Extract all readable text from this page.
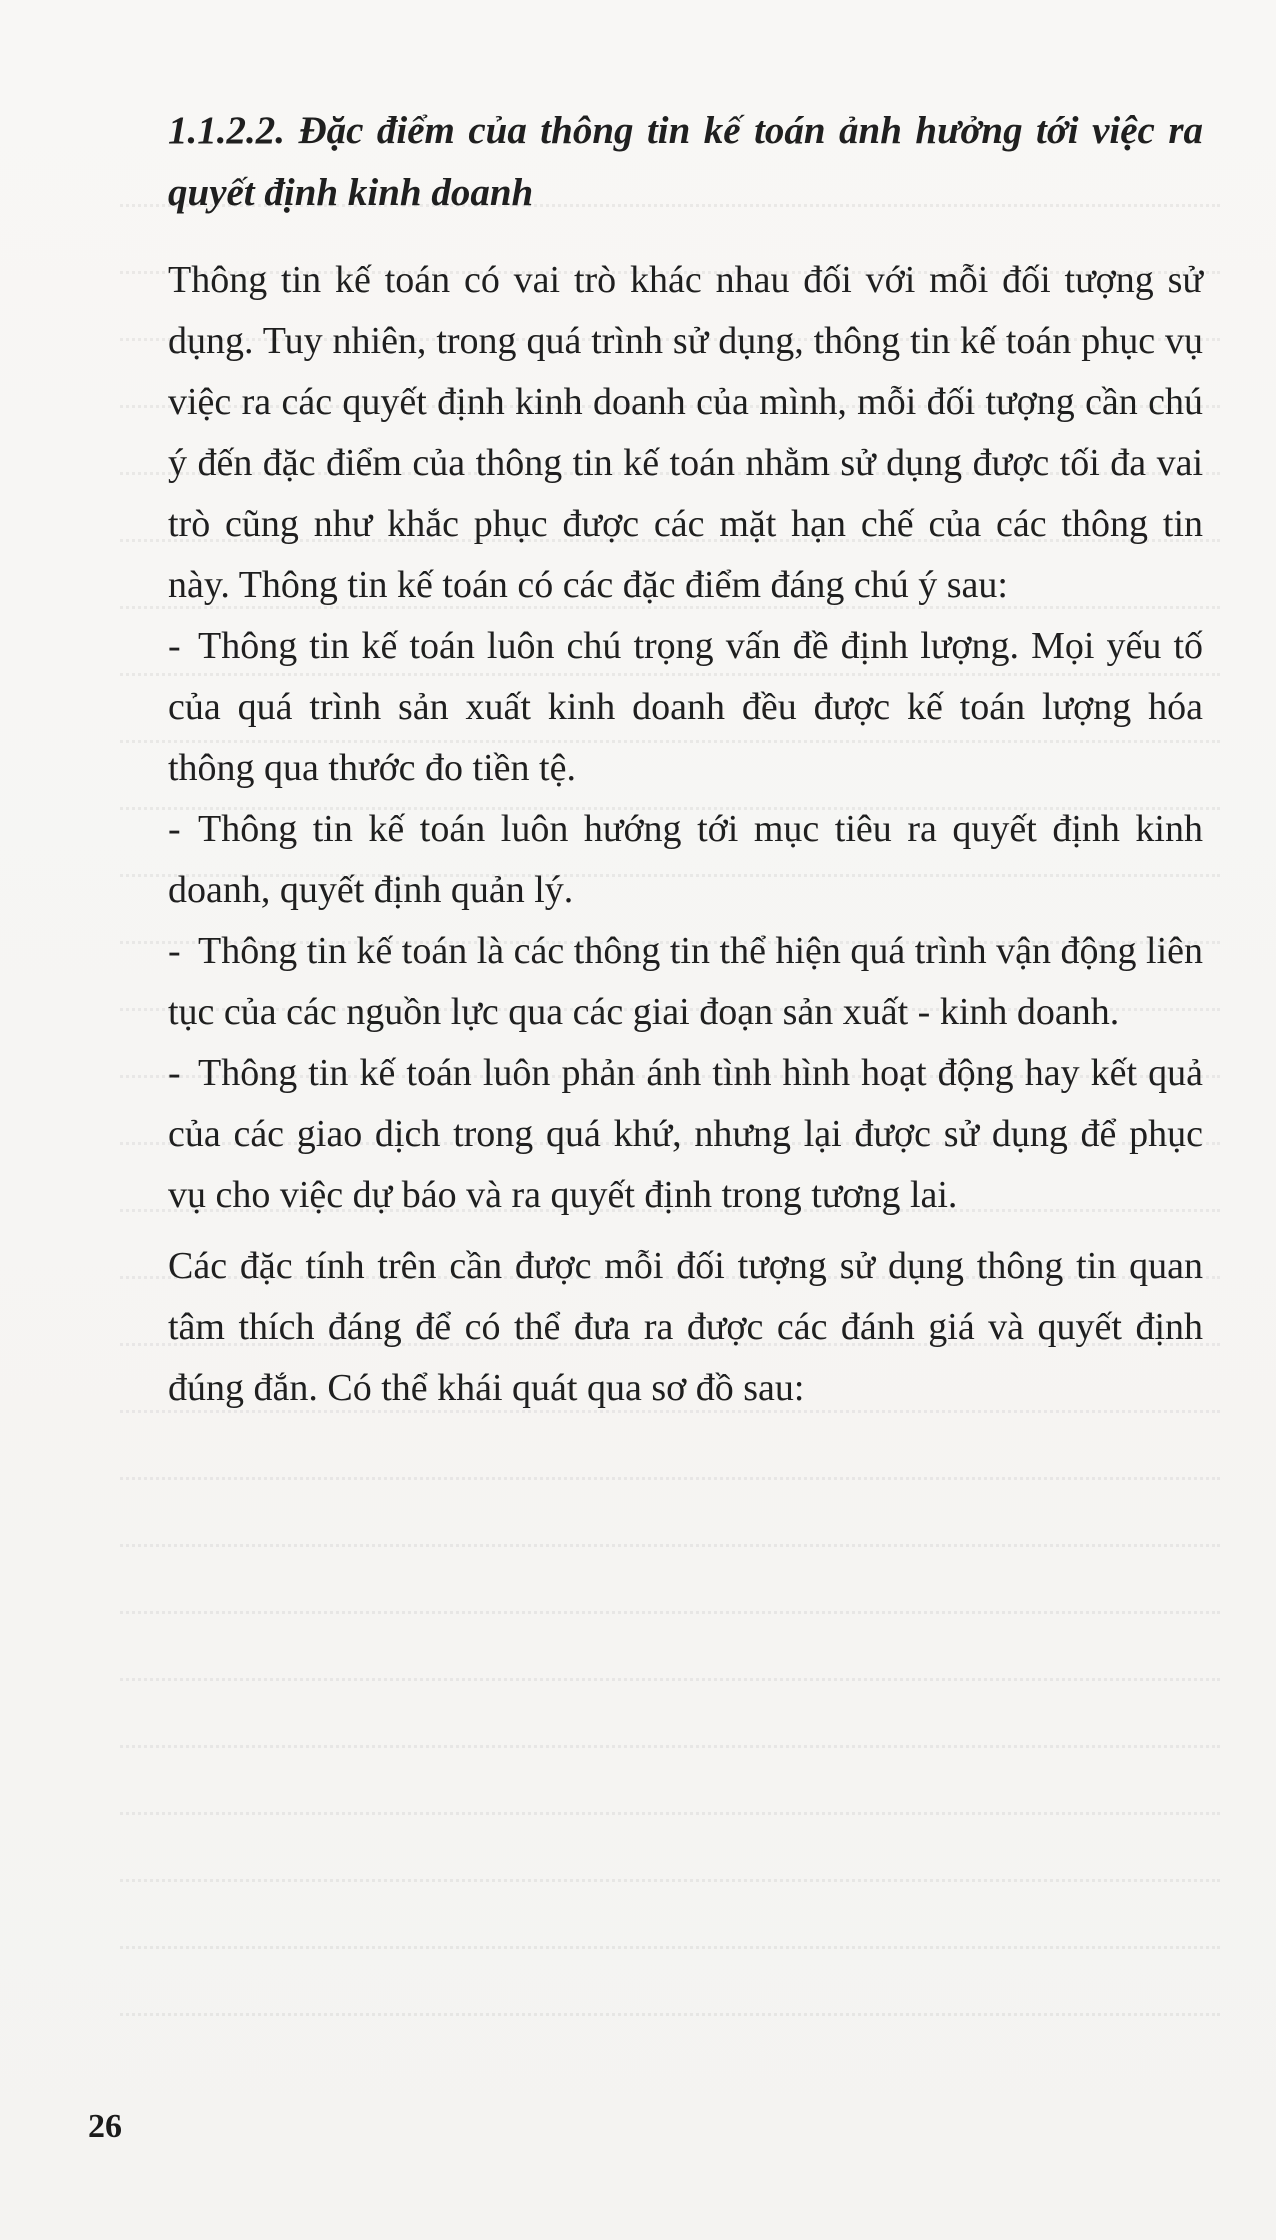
1.1.2.2. Đặc điểm của thông tin kế toán ảnh hưởng tới việc ra quyết định kinh doanh

Thông tin kế toán có vai trò khác nhau đối với mỗi đối tượng sử dụng. Tuy nhiên, trong quá trình sử dụng, thông tin kế toán phục vụ việc ra các quyết định kinh doanh của mình, mỗi đối tượng cần chú ý đến đặc điểm của thông tin kế toán nhằm sử dụng được tối đa vai trò cũng như khắc phục được các mặt hạn chế của các thông tin này. Thông tin kế toán có các đặc điểm đáng chú ý sau:

- Thông tin kế toán luôn chú trọng vấn đề định lượng. Mọi yếu tố của quá trình sản xuất kinh doanh đều được kế toán lượng hóa thông qua thước đo tiền tệ.

- Thông tin kế toán luôn hướng tới mục tiêu ra quyết định kinh doanh, quyết định quản lý.

- Thông tin kế toán là các thông tin thể hiện quá trình vận động liên tục của các nguồn lực qua các giai đoạn sản xuất - kinh doanh.

- Thông tin kế toán luôn phản ánh tình hình hoạt động hay kết quả của các giao dịch trong quá khứ, nhưng lại được sử dụng để phục vụ cho việc dự báo và ra quyết định trong tương lai.

Các đặc tính trên cần được mỗi đối tượng sử dụng thông tin quan tâm thích đáng để có thể đưa ra được các đánh giá và quyết định đúng đắn. Có thể khái quát qua sơ đồ sau:

26
